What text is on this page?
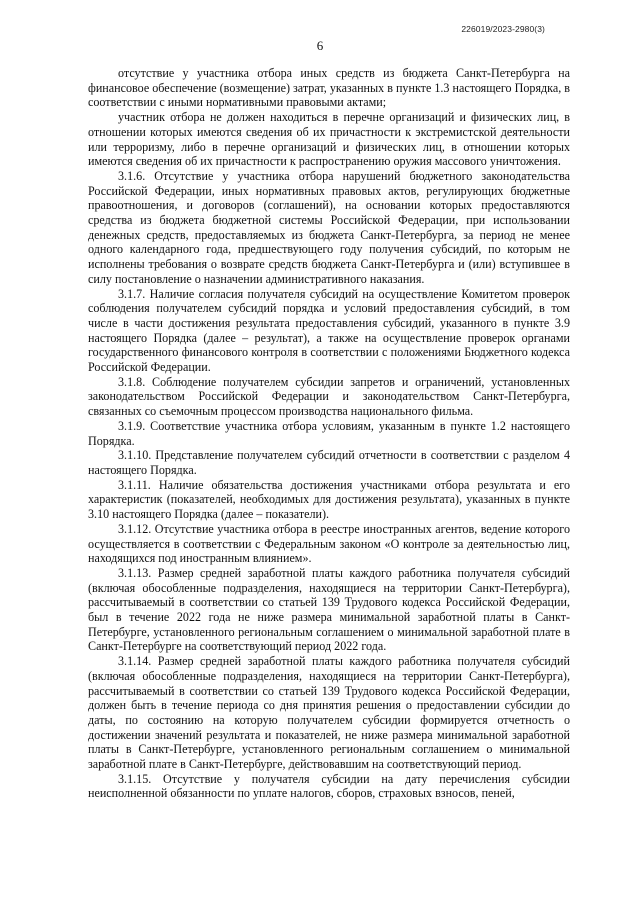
226019/2023-2980(3)
6

отсутствие у участника отбора иных средств из бюджета Санкт-Петербурга на финансовое обеспечение (возмещение) затрат, указанных в пункте 1.3 настоящего Порядка, в соответствии с иными нормативными правовыми актами;

участник отбора не должен находиться в перечне организаций и физических лиц, в отношении которых имеются сведения об их причастности к экстремистской деятельности или терроризму, либо в перечне организаций и физических лиц, в отношении которых имеются сведения об их причастности к распространению оружия массового уничтожения.

3.1.6. Отсутствие у участника отбора нарушений бюджетного законодательства Российской Федерации, иных нормативных правовых актов, регулирующих бюджетные правоотношения, и договоров (соглашений), на основании которых предоставляются средства из бюджета бюджетной системы Российской Федерации, при использовании денежных средств, предоставляемых из бюджета Санкт-Петербурга, за период не менее одного календарного года, предшествующего году получения субсидий, по которым не исполнены требования о возврате средств бюджета Санкт-Петербурга и (или) вступившее в силу постановление о назначении административного наказания.

3.1.7. Наличие согласия получателя субсидий на осуществление Комитетом проверок соблюдения получателем субсидий порядка и условий предоставления субсидий, в том числе в части достижения результата предоставления субсидий, указанного в пункте 3.9 настоящего Порядка (далее – результат), а также на осуществление проверок органами государственного финансового контроля в соответствии с положениями Бюджетного кодекса Российской Федерации.

3.1.8. Соблюдение получателем субсидии запретов и ограничений, установленных законодательством Российской Федерации и законодательством Санкт-Петербурга, связанных со съемочным процессом производства национального фильма.

3.1.9. Соответствие участника отбора условиям, указанным в пункте 1.2 настоящего Порядка.

3.1.10. Представление получателем субсидий отчетности в соответствии с разделом 4 настоящего Порядка.

3.1.11. Наличие обязательства достижения участниками отбора результата и его характеристик (показателей, необходимых для достижения результата), указанных в пункте 3.10 настоящего Порядка (далее – показатели).

3.1.12. Отсутствие участника отбора в реестре иностранных агентов, ведение которого осуществляется в соответствии с Федеральным законом «О контроле за деятельностью лиц, находящихся под иностранным влиянием».

3.1.13. Размер средней заработной платы каждого работника получателя субсидий (включая обособленные подразделения, находящиеся на территории Санкт-Петербурга), рассчитываемый в соответствии со статьей 139 Трудового кодекса Российской Федерации, был в течение 2022 года не ниже размера минимальной заработной платы в Санкт-Петербурге, установленного региональным соглашением о минимальной заработной плате в Санкт-Петербурге на соответствующий период 2022 года.

3.1.14. Размер средней заработной платы каждого работника получателя субсидий (включая обособленные подразделения, находящиеся на территории Санкт-Петербурга), рассчитываемый в соответствии со статьей 139 Трудового кодекса Российской Федерации, должен быть в течение периода со дня принятия решения о предоставлении субсидии до даты, по состоянию на которую получателем субсидии формируется отчетность о достижении значений результата и показателей, не ниже размера минимальной заработной платы в Санкт-Петербурге, установленного региональным соглашением о минимальной заработной плате в Санкт-Петербурге, действовавшим на соответствующий период.

3.1.15. Отсутствие у получателя субсидии на дату перечисления субсидии неисполненной обязанности по уплате налогов, сборов, страховых взносов, пеней,
